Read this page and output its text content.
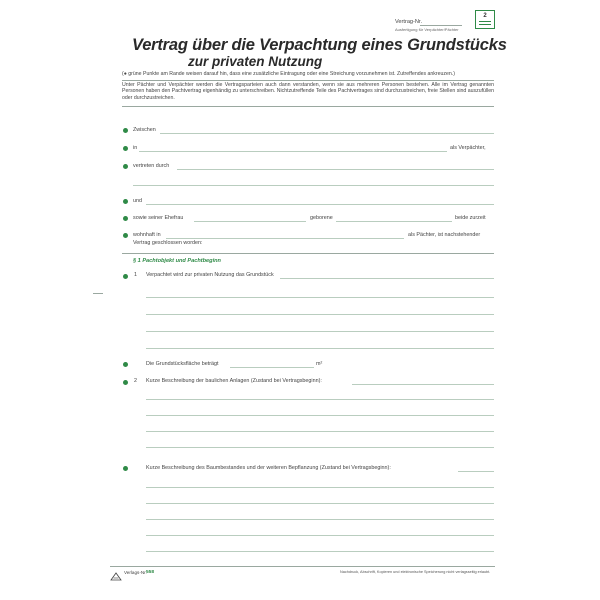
Vertrag-Nr.
Ausfertigung für Verpächter/Pächter
2
Vertrag über die Verpachtung eines Grundstücks
zur privaten Nutzung
(● grüne Punkte am Rande weisen darauf hin, dass eine zusätzliche Eintragung oder eine Streichung vorzunehmen ist. Zutreffendes ankreuzen.)
Unter Pächter und Verpächter werden die Vertragsparteien auch dann verstanden, wenn sie aus mehreren Personen bestehen. Alle im Vertrag genannten Personen haben den Pachtvertrag eigenhändig zu unterschreiben. Nichtzutreffende Teile des Pachtvertrages sind durchzustreichen, freie Stellen sind auszufüllen oder durchzustreichen.
Zwischen
in	als Verpächter,
vertreten durch
und
sowie seiner Ehefrau	geborene	beide zurzeit
wohnhaft in	als Pächter, ist nachstehender
Vertrag geschlossen worden:
§ 1 Pachtobjekt und Pachtbeginn
1 Verpachtet wird zur privaten Nutzung das Grundstück
Die Grundstücksfläche beträgt	m²
2 Kurze Beschreibung der baulichen Anlagen (Zustand bei Vertragsbeginn):
Kurze Beschreibung des Baumbestandes und der weiteren Bepflanzung (Zustand bei Vertragsbeginn):
Verlags-Nr. 558	Nachdruck, Abschrift, Kopieren und elektronische Speicherung nicht verlagsseitig erlaubt.
